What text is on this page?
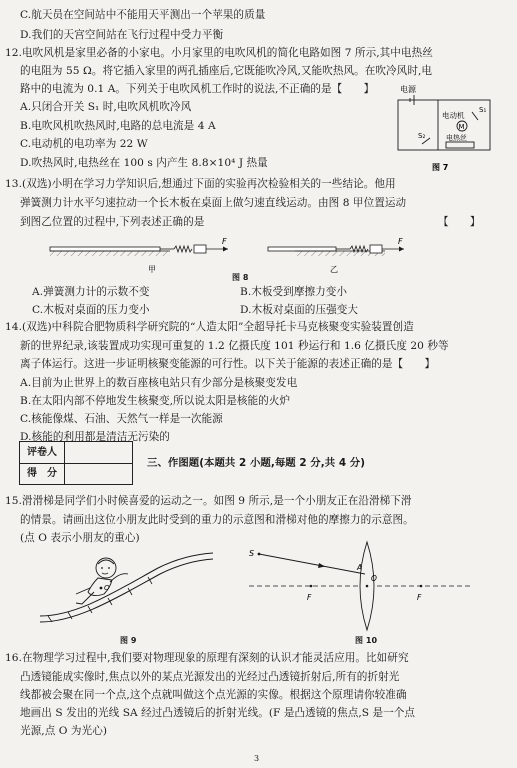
C.航天员在空间站中不能用天平测出一个苹果的质量
D.我们的天宫空间站在飞行过程中受力平衡
12.电吹风机是家里必备的小家电。小月家里的电吹风机的简化电路如图 7 所示,其中电热丝
的电阻为 55 Ω。将它插入家里的两孔插座后,它既能吹冷风,又能吹热风。在吹冷风时,电
路中的电流为 0.1 A。下列关于电吹风机工作时的说法,不正确的是【　　】
A.只闭合开关 S₁ 时,电吹风机吹冷风
B.电吹风机吹热风时,电路的总电流是 4 A
C.电动机的电功率为 22 W
D.吹热风时,电热丝在 100 s 内产生 8.8×10⁴ J 热量
电源
电动机
M
S₁
S₂	电热丝
图 7
13.(双选)小明在学习力学知识后,想通过下面的实验再次检验相关的一些结论。他用
弹簧测力计水平匀速拉动一个长木板在桌面上做匀速直线运动。由图 8 甲位置运动
到图乙位置的过程中,下列表述正确的是	【　　】
F
甲
F
乙
图 8
A.弹簧测力计的示数不变	B.木板受到摩擦力变小
C.木板对桌面的压力变小	D.木板对桌面的压强变大
14.(双选)中科院合肥物质科学研究院的“人造太阳”全超导托卡马克核聚变实验装置创造
新的世界纪录,该装置成功实现可重复的 1.2 亿摄氏度 101 秒运行和 1.6 亿摄氏度 20 秒等
离子体运行。这进一步证明核聚变能源的可行性。以下关于能源的表述正确的是【　　】
A.目前为止世界上的数百座核电站只有少部分是核聚变发电
B.在太阳内部不停地发生核聚变,所以说太阳是核能的火炉
C.核能像煤、石油、天然气一样是一次能源
D.核能的利用都是清洁无污染的
评卷人
得　分
三、作图题(本题共 2 小题,每题 2 分,共 4 分)
15.滑滑梯是同学们小时候喜爱的运动之一。如图 9 所示,是一个小朋友正在沿滑梯下滑
的情景。请画出这位小朋友此时受到的重力的示意图和滑梯对他的摩擦力的示意图。
(点 O 表示小朋友的重心)
O
图 9
S
A
O
F	F
图 10
16.在物理学习过程中,我们要对物理现象的原理有深刻的认识才能灵活应用。比如研究
凸透镜能成实像时,焦点以外的某点光源发出的光经过凸透镜折射后,所有的折射光
线都被会聚在同一个点,这个点就叫做这个点光源的实像。根据这个原理请你较准确
地画出 S 发出的光线 SA 经过凸透镜后的折射光线。(F 是凸透镜的焦点,S 是一个点
光源,点 O 为光心)
3
